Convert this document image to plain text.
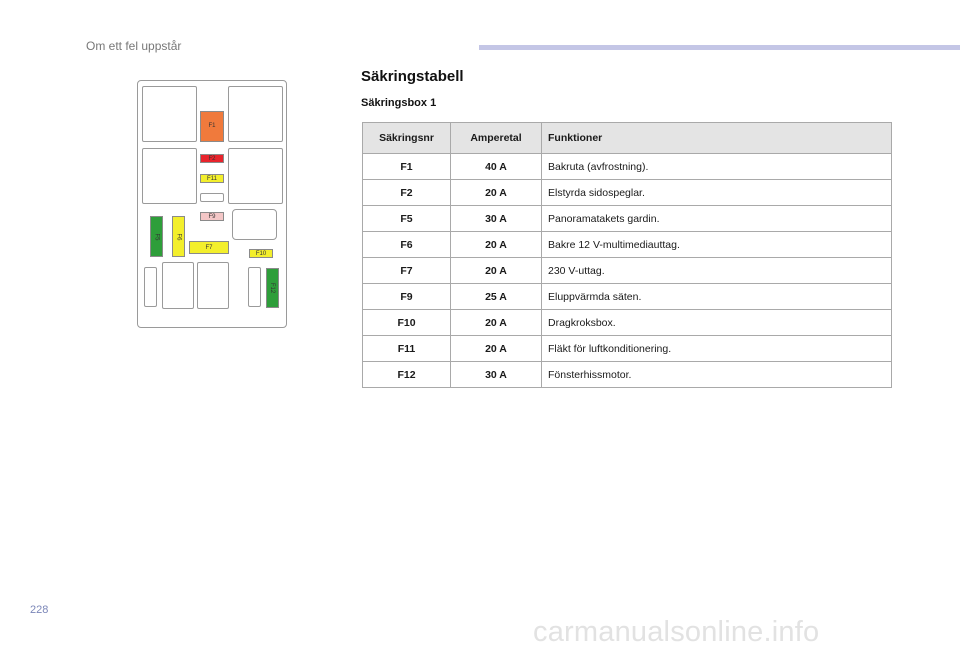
Om ett fel uppstår
F1
F2
F11
F9
F5	F6
F7
F10
F12
Säkringstabell
Säkringsbox 1
Säkringsnr	Amperetal	Funktioner
F1	40 A	Bakruta (avfrostning).
F2	20 A	Elstyrda sidospeglar.
F5	30 A	Panoramatakets gardin.
F6	20 A	Bakre 12 V-multimediauttag.
F7	20 A	230 V-uttag.
F9	25 A	Eluppvärmda säten.
F10	20 A	Dragkroksbox.
F11	20 A	Fläkt för luftkonditionering.
F12	30 A	Fönsterhissmotor.
228
carmanualsonline.info
